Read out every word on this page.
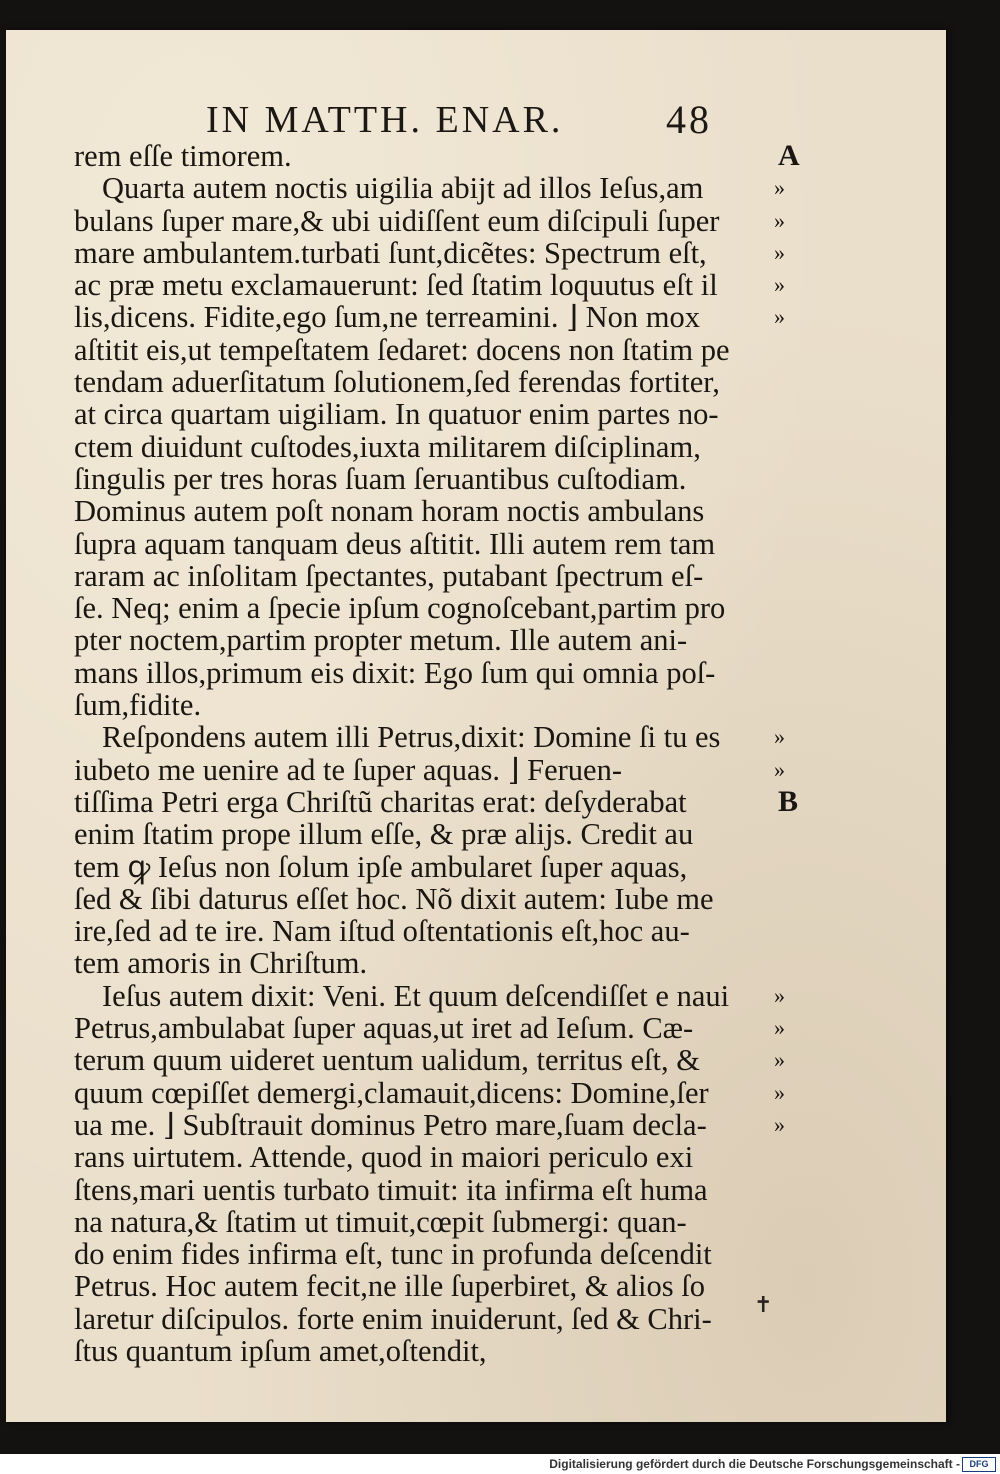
IN MATTH. ENAR.	48
rem eſſe timorem.
Quarta autem noctis uigilia abijt ad illos Ieſus,am
bulans ſuper mare,& ubi uidiſſent eum diſcipuli ſuper
mare ambulantem.turbati ſunt,dicẽtes: Spectrum eſt,
ac præ metu exclamauerunt: ſed ſtatim loquutus eſt il
lis,dicens. Fidite,ego ſum,ne terreamini. ⌋ Non mox
aſtitit eis,ut tempeſtatem ſedaret: docens non ſtatim pe
tendam aduerſitatum ſolutionem,ſed ferendas fortiter,
at circa quartam uigiliam. In quatuor enim partes no-
ctem diuidunt cuſtodes,iuxta militarem diſciplinam,
ſingulis per tres horas ſuam ſeruantibus cuſtodiam.
Dominus autem poſt nonam horam noctis ambulans
ſupra aquam tanquam deus aſtitit. Illi autem rem tam
raram ac inſolitam ſpectantes, putabant ſpectrum eſ-
ſe. Neq; enim a ſpecie ipſum cognoſcebant,partim pro
pter noctem,partim propter metum. Ille autem ani-
mans illos,primum eis dixit: Ego ſum qui omnia poſ-
ſum,fidite.
Reſpondens autem illi Petrus,dixit: Domine ſi tu es
iubeto me uenire ad te ſuper aquas. ⌋ Feruen-
tiſſima Petri erga Chriſtũ charitas erat: deſyderabat
enim ſtatim prope illum eſſe, & præ alijs. Credit au
tem ꝙ Ieſus non ſolum ipſe ambularet ſuper aquas,
ſed & ſibi daturus eſſet hoc. Nõ dixit autem: Iube me
ire,ſed ad te ire. Nam iſtud oſtentationis eſt,hoc au-
tem amoris in Chriſtum.
Ieſus autem dixit: Veni. Et quum deſcendiſſet e naui
Petrus,ambulabat ſuper aquas,ut iret ad Ieſum. Cæ-
terum quum uideret uentum ualidum, territus eſt, &
quum cœpiſſet demergi,clamauit,dicens: Domine,ſer
ua me. ⌋ Subſtrauit dominus Petro mare,ſuam decla-
rans uirtutem. Attende, quod in maiori periculo exi
ſtens,mari uentis turbato timuit: ita infirma eſt huma
na natura,& ſtatim ut timuit,cœpit ſubmergi: quan-
do enim fides infirma eſt, tunc in profunda deſcendit
Petrus. Hoc autem fecit,ne ille ſuperbiret, & alios ſo
laretur diſcipulos. forte enim inuiderunt, ſed & Chri-
ſtus quantum ipſum amet,oſtendit,
A
»
»
»
»
»
»
»
B
»
»
»
»
»
✝
Digitalisierung gefördert durch die Deutsche Forschungsgemeinschaft -	DFG
